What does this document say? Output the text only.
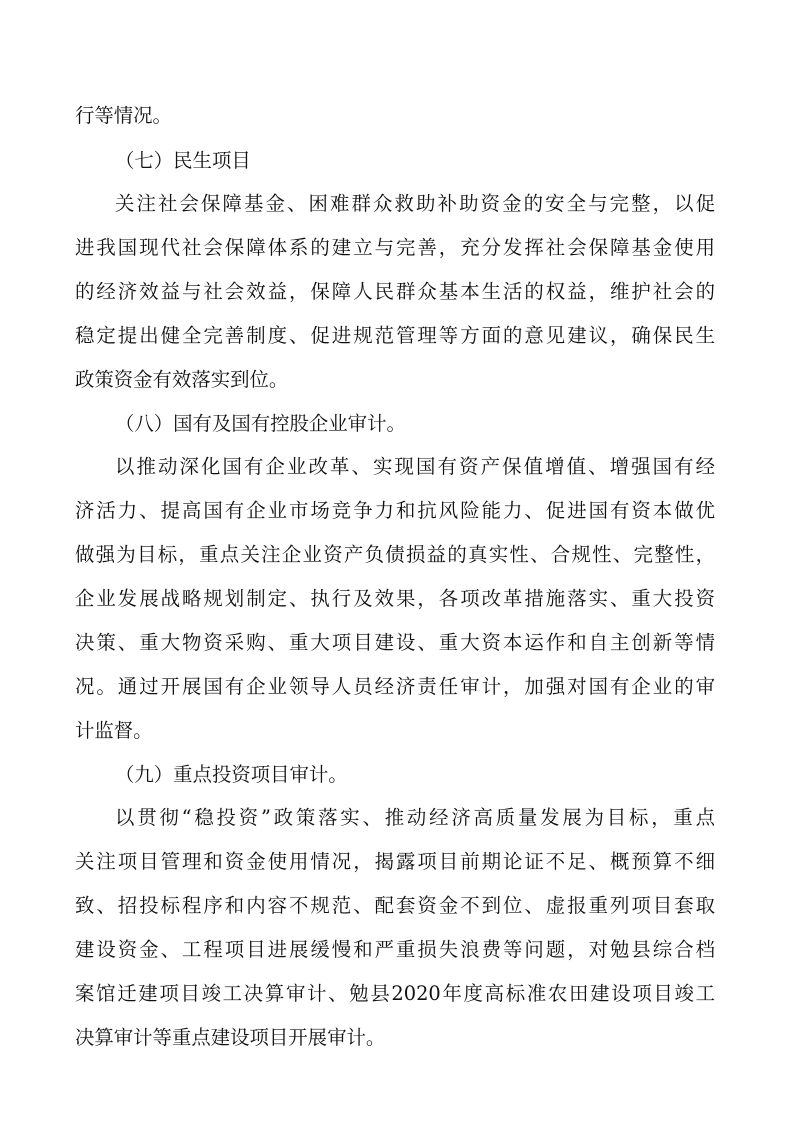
行等情况。
（七）民生项目
关注社会保障基金、困难群众救助补助资金的安全与完整，以促
进我国现代社会保障体系的建立与完善，充分发挥社会保障基金使用
的经济效益与社会效益，保障人民群众基本生活的权益，维护社会的
稳定提出健全完善制度、促进规范管理等方面的意见建议，确保民生
政策资金有效落实到位。
（八）国有及国有控股企业审计。
以推动深化国有企业改革、实现国有资产保值增值、增强国有经
济活力、提高国有企业市场竞争力和抗风险能力、促进国有资本做优
做强为目标，重点关注企业资产负债损益的真实性、合规性、完整性，
企业发展战略规划制定、执行及效果，各项改革措施落实、重大投资
决策、重大物资采购、重大项目建设、重大资本运作和自主创新等情
况。通过开展国有企业领导人员经济责任审计，加强对国有企业的审
计监督。
（九）重点投资项目审计。
以贯彻“稳投资”政策落实、推动经济高质量发展为目标，重点
关注项目管理和资金使用情况，揭露项目前期论证不足、概预算不细
致、招投标程序和内容不规范、配套资金不到位、虚报重列项目套取
建设资金、工程项目进展缓慢和严重损失浪费等问题，对勉县综合档
案馆迁建项目竣工决算审计、勉县2020年度高标准农田建设项目竣工
决算审计等重点建设项目开展审计。
